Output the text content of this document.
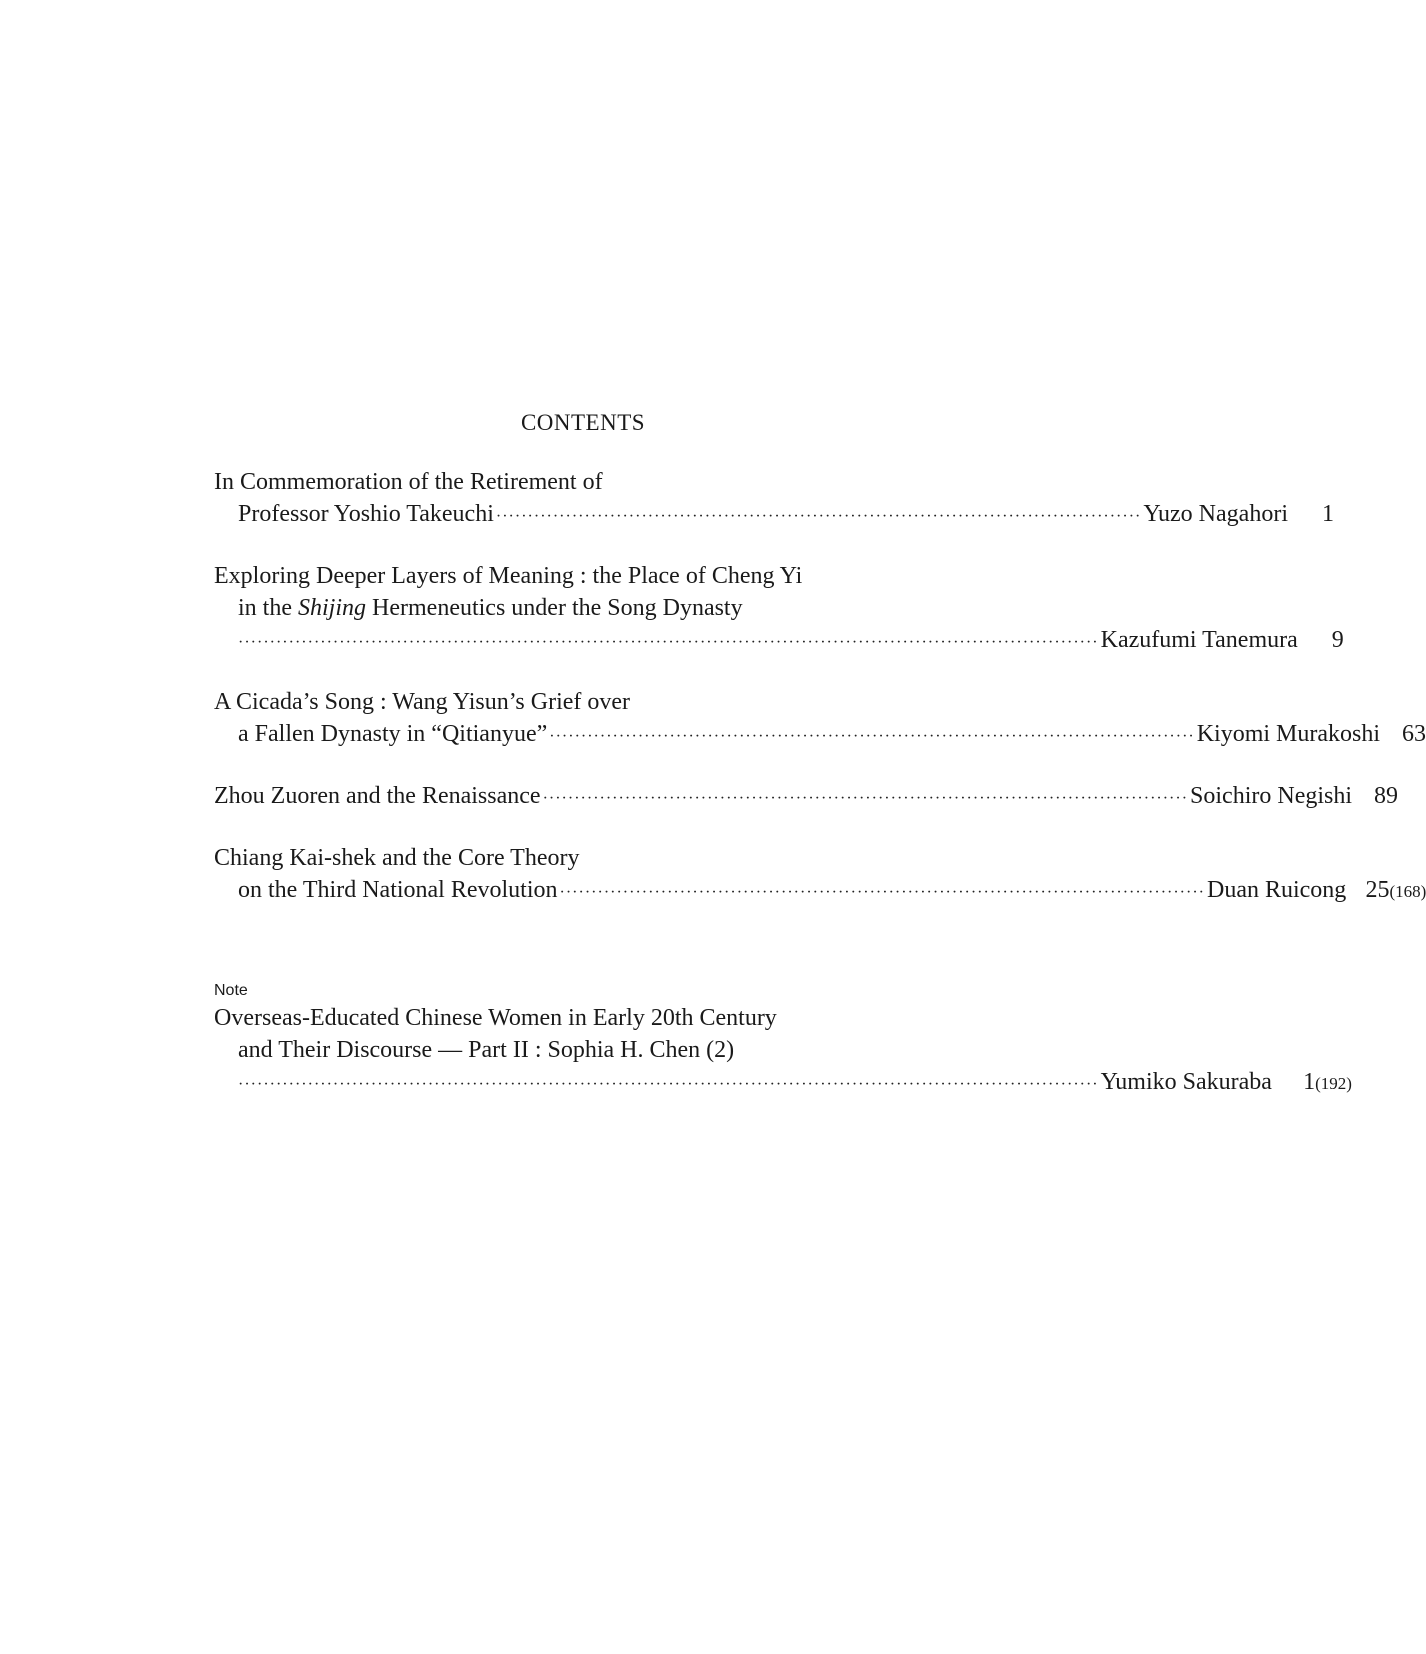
CONTENTS
In Commemoration of the Retirement of
Professor Yoshio Takeuchi ······································································································ Yuzo Nagahori	1
Exploring Deeper Layers of Meaning : the Place of Cheng Yi
in the Shijing Hermeneutics under the Song Dynasty
········································································································································ Kazufumi Tanemura	9
A Cicada’s Song : Wang Yisun’s Grief over
a Fallen Dynasty in “Qitianyue” ······································································································ Kiyomi Murakoshi 63
Zhou Zuoren and the Renaissance ······································································································ Soichiro Negishi 89
Chiang Kai-shek and the Core Theory
on the Third National Revolution ······································································································ Duan Ruicong 25(168)
Note
Overseas-Educated Chinese Women in Early 20th Century
and Their Discourse — Part II : Sophia H. Chen (2)
········································································································································ Yumiko Sakuraba	1(192)
